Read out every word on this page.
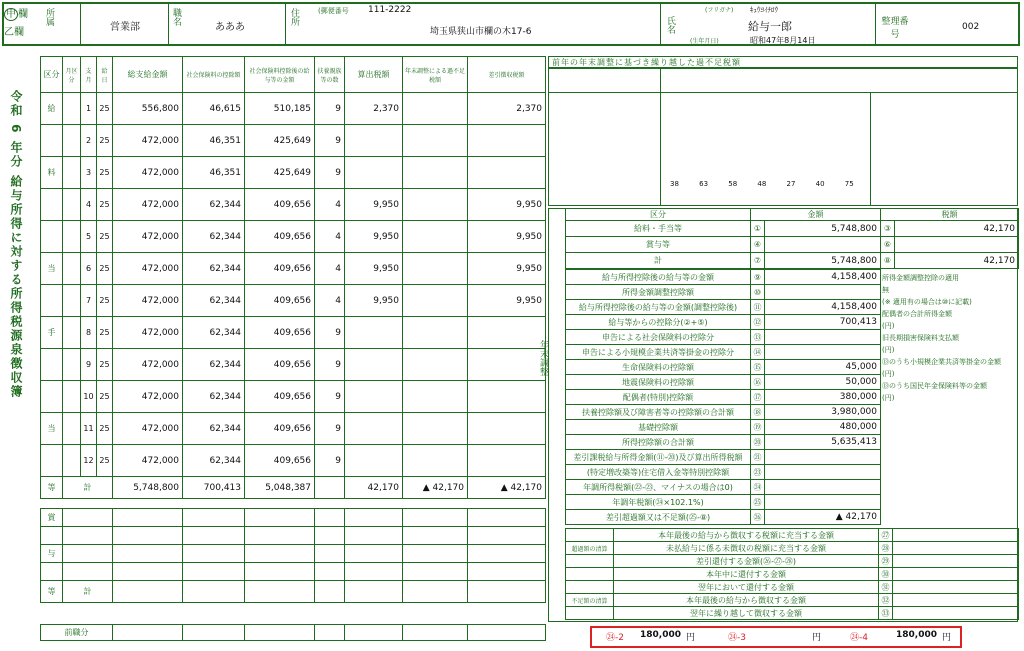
甲 欄
乙欄
所属
営業部
職名
あああ
住所	(郵便番号 111-2222
埼玉県狭山市欄の木17-6	氏名
(フリガナ) ｷｭｳﾖｲﾁﾛｳ
給与一郎
(生年月日)	昭和47年8月14日
整理番号
002
令和 6 年分 給与所得に対する所得税源泉徴収簿
区分	月区分	支月	給日	総支給金額	社会保険料の控除額	社会保険料控除後の給与等の金額	扶養親族等の数	算出税額	年末調整による過不足税額	差引徴収税額
給		1	25	556,800	46,615	510,185	9	2,370		2,370
		2	25	472,000	46,351	425,649	9			
料		3	25	472,000	46,351	425,649	9			
		4	25	472,000	62,344	409,656	4	9,950		9,950
		5	25	472,000	62,344	409,656	4	9,950		9,950
当		6	25	472,000	62,344	409,656	4	9,950		9,950
		7	25	472,000	62,344	409,656	4	9,950		9,950
手		8	25	472,000	62,344	409,656	9			
		9	25	472,000	62,344	409,656	9			
		10	25	472,000	62,344	409,656	9			
当		11	25	472,000	62,344	409,656	9			
		12	25	472,000	62,344	409,656	9			
等	計			5,748,800	700,413	5,048,387		42,170	▲ 42,170	▲ 42,170
賞								

与								

等	計							
前職分							
前年の年末調整に基づき繰り越した過不足税額
38 63 58 48 27 40 75
年末調整
区分	金額	税額
給料・手当等	①	5,748,800	③	42,170
賞与等	④		⑥	
計	⑦	5,748,800	⑧	42,170
給与所得控除後の給与等の金額	⑨	4,158,400
所得金額調整控除額	⑩	
給与所得控除後の給与等の金額(調整控除後)	⑪	4,158,400
給与等からの控除分(②+⑤)	⑫	700,413
申告による社会保険料の控除分	⑬	
申告による小規模企業共済等掛金の控除分	⑭	
生命保険料の控除額	⑮	45,000
地震保険料の控除額	⑯	50,000
配偶者(特別)控除額	⑰	380,000
扶養控除額及び障害者等の控除額の合計額	⑱	3,980,000
基礎控除額	⑲	480,000
所得控除額の合計額	⑳	5,635,413
差引課税給与所得金額(⑪-⑳)及び算出所得税額	㉑	
(特定増改築等)住宅借入金等特別控除額	㉓	
年調所得税額(㉒-㉓、マイナスの場合は0)	㉔	
年調年税額(㉔×102.1%)	㉕	
差引超過額又は不足額(㉕-⑧)	㉖	▲ 42,170
所得金額調整控除の適用
無
(※ 適用有の場合は⑩に記載)
配偶者の合計所得金額
(円)
旧長期損害保険料支払額
(円)
⑬のうち小規模企業共済等掛金の金額
(円)
⑬のうち国民年金保険料等の金額
(円)
	本年最後の給与から徴収する税額に充当する金額	㉗	
超過額の清算	未払給与に係る未徴収の税額に充当する金額	㉘	
	差引還付する金額(㉖-㉗-㉘)	㉙	
	本年中に還付する金額	㉚	
	翌年において還付する金額	㉛	
不足額の清算	本年最後の給与から徴収する金額	㉜	
	翌年に繰り越して徴収する金額	㉝	
㉔-2 180,000 円	㉔-3	円	㉔-4	180,000 円
